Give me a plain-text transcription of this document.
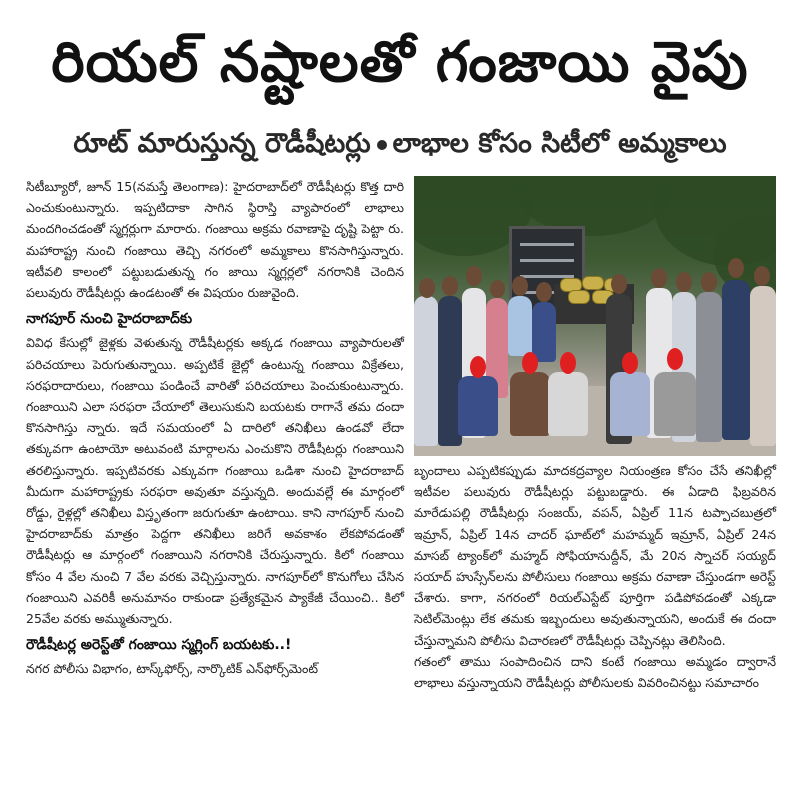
రియల్ నష్టాలతో గంజాయి వైపు
రూట్ మారుస్తున్న రౌడీషీటర్లు లాభాల కోసం సిటీలో అమ్మకాలు

సిటీబ్యూరో, జూన్ 15(నమస్తే తెలంగాణ): హైదరాబాద్‌లో రౌడీషీటర్లు కొత్త దారి ఎంచుకుంటున్నారు. ఇప్పటిదాకా సాగిన స్థిరాస్తి వ్యాపారంలో లాభాలు మందగించడంతో స్మగ్లర్లుగా మారారు. గంజాయి అక్రమ రవాణాపై దృష్టి పెట్టా రు. మహారాష్ట్ర నుంచి గంజాయి తెచ్చి నగరంలో అమ్మకాలు కొనసాగిస్తున్నారు. ఇటీవలి కాలంలో పట్టుబడుతున్న గం జాయి స్మగ్లర్లలో నగరానికి చెందిన పలువురు రౌడీషీటర్లు ఉండటంతో ఈ విషయం రుజువైంది.

నాగపూర్ నుంచి హైదరాబాద్‌కు

వివిధ కేసుల్లో జైళ్లకు వెళుతున్న రౌడీషీటర్లకు అక్కడ గంజాయి వ్యాపారులతో పరిచయాలు పెరుగుతున్నాయి. అప్పటికే జైల్లో ఉంటున్న గంజాయి విక్రేతలు, సరఫరాదారులు, గంజాయి పండించే వారితో పరిచయాలు పెంచుకుంటున్నారు. గంజాయిని ఎలా సరఫరా చేయాలో తెలుసుకుని బయటకు రాగానే తమ దందా కొనసాగిస్తు న్నారు. ఇదే సమయంలో ఏ దారిలో తనిఖీలు ఉండవో లేదా తక్కువగా ఉంటాయో అటువంటి మార్గాలను ఎంచుకొని రౌడీషీటర్లు గంజాయిని తరలిస్తున్నారు. ఇప్పటివరకు ఎక్కువగా గంజాయి ఒడిశా నుంచి హైదరాబాద్ మీదుగా మహారాష్ట్రకు సరఫరా అవుతూ వస్తున్నది. అందువల్లే ఈ మార్గంలో రోడ్డు, రైళ్లల్లో తనిఖీలు విస్తృతంగా జరుగుతూ ఉంటాయి. కాని నాగపూర్ నుంచి హైదరాబాద్‌కు మాత్రం పెద్దగా తనిఖీలు జరిగే అవకాశం లేకపోవడంతో రౌడీషీటర్లు ఆ మార్గంలో గంజాయిని నగరానికి చేరుస్తున్నారు. కిలో గంజాయి కోసం 4 వేల నుంచి 7 వేల వరకు వెచ్చిస్తున్నారు. నాగపూర్‌లో కొనుగోలు చేసిన గంజాయిని ఎవరికీ అనుమానం రాకుండా ప్రత్యేకమైన ప్యాకేజీ చేయించి.. కిలో 25వేల వరకు అమ్ముతున్నారు.

రౌడీషీటర్ల అరెస్ట్‌తో గంజాయి స్మగ్లింగ్ బయటకు..!

నగర పోలీసు విభాగం, టాస్క్‌ఫోర్స్, నార్కొటిక్ ఎన్‌ఫోర్స్‌మెంట్

బృందాలు ఎప్పటికప్పుడు మాదకద్రవ్యాల నియంత్రణ కోసం చేసే తనిఖీల్లో ఇటీవల పలువురు రౌడీషీటర్లు పట్టుబడ్డారు. ఈ ఏడాది ఫిబ్రవరిన మారేడుపల్లి రౌడీషీటర్లు సంజయ్, వపన్, ఏప్రిల్ 11న టప్పాచబుత్రలో ఇమ్రాన్, ఏప్రిల్ 14న చాదర్ ఘాట్‌లో మహమ్మద్ ఇమ్రాన్, ఏప్రిల్ 24న మాసబ్ ట్యాంక్‌లో మహ్మద్ సోఫియానుద్దీన్, మే 20న స్నాచర్ సయ్యద్ సయాద్ హుస్సేన్‌లను పోలీసులు గంజాయి అక్రమ రవాణా చేస్తుండగా అరెస్ట్ చేశారు. కాగా, నగరంలో రియల్‌ఎస్టేట్ పూర్తిగా పడిపోవడంతో ఎక్కడా సెటిల్‌మెంట్లు లేక తమకు ఇబ్బందులు అవుతున్నాయని, అందుకే ఈ దందా చేస్తున్నామని పోలీసు విచారణలో రౌడీషీటర్లు చెప్పినట్లు తెలిసింది.

గతంలో తాము సంపాదించిన దాని కంటే గంజాయి అమ్మడం ద్వారానే లాభాలు వస్తున్నాయని రౌడీషీటర్లు పోలీసులకు వివరించినట్టు సమాచారం
